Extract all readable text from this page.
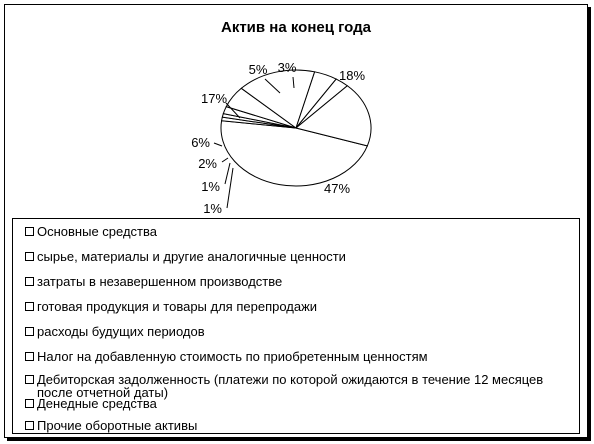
Актив на конец года
47%
1%
1%
2%
6%
17%
5% 3%
18%
Основные средства
сырье, материалы и другие аналогичные ценности
затраты в незавершенном производстве
готовая продукция и товары для перепродажи
расходы будущих периодов
Налог на добавленную стоимость по приобретенным ценностям
Дебиторская задолженность (платежи по которой ожидаются в течение 12 месяцев после отчетной даты)
Денедные средства
Прочие оборотные активы
